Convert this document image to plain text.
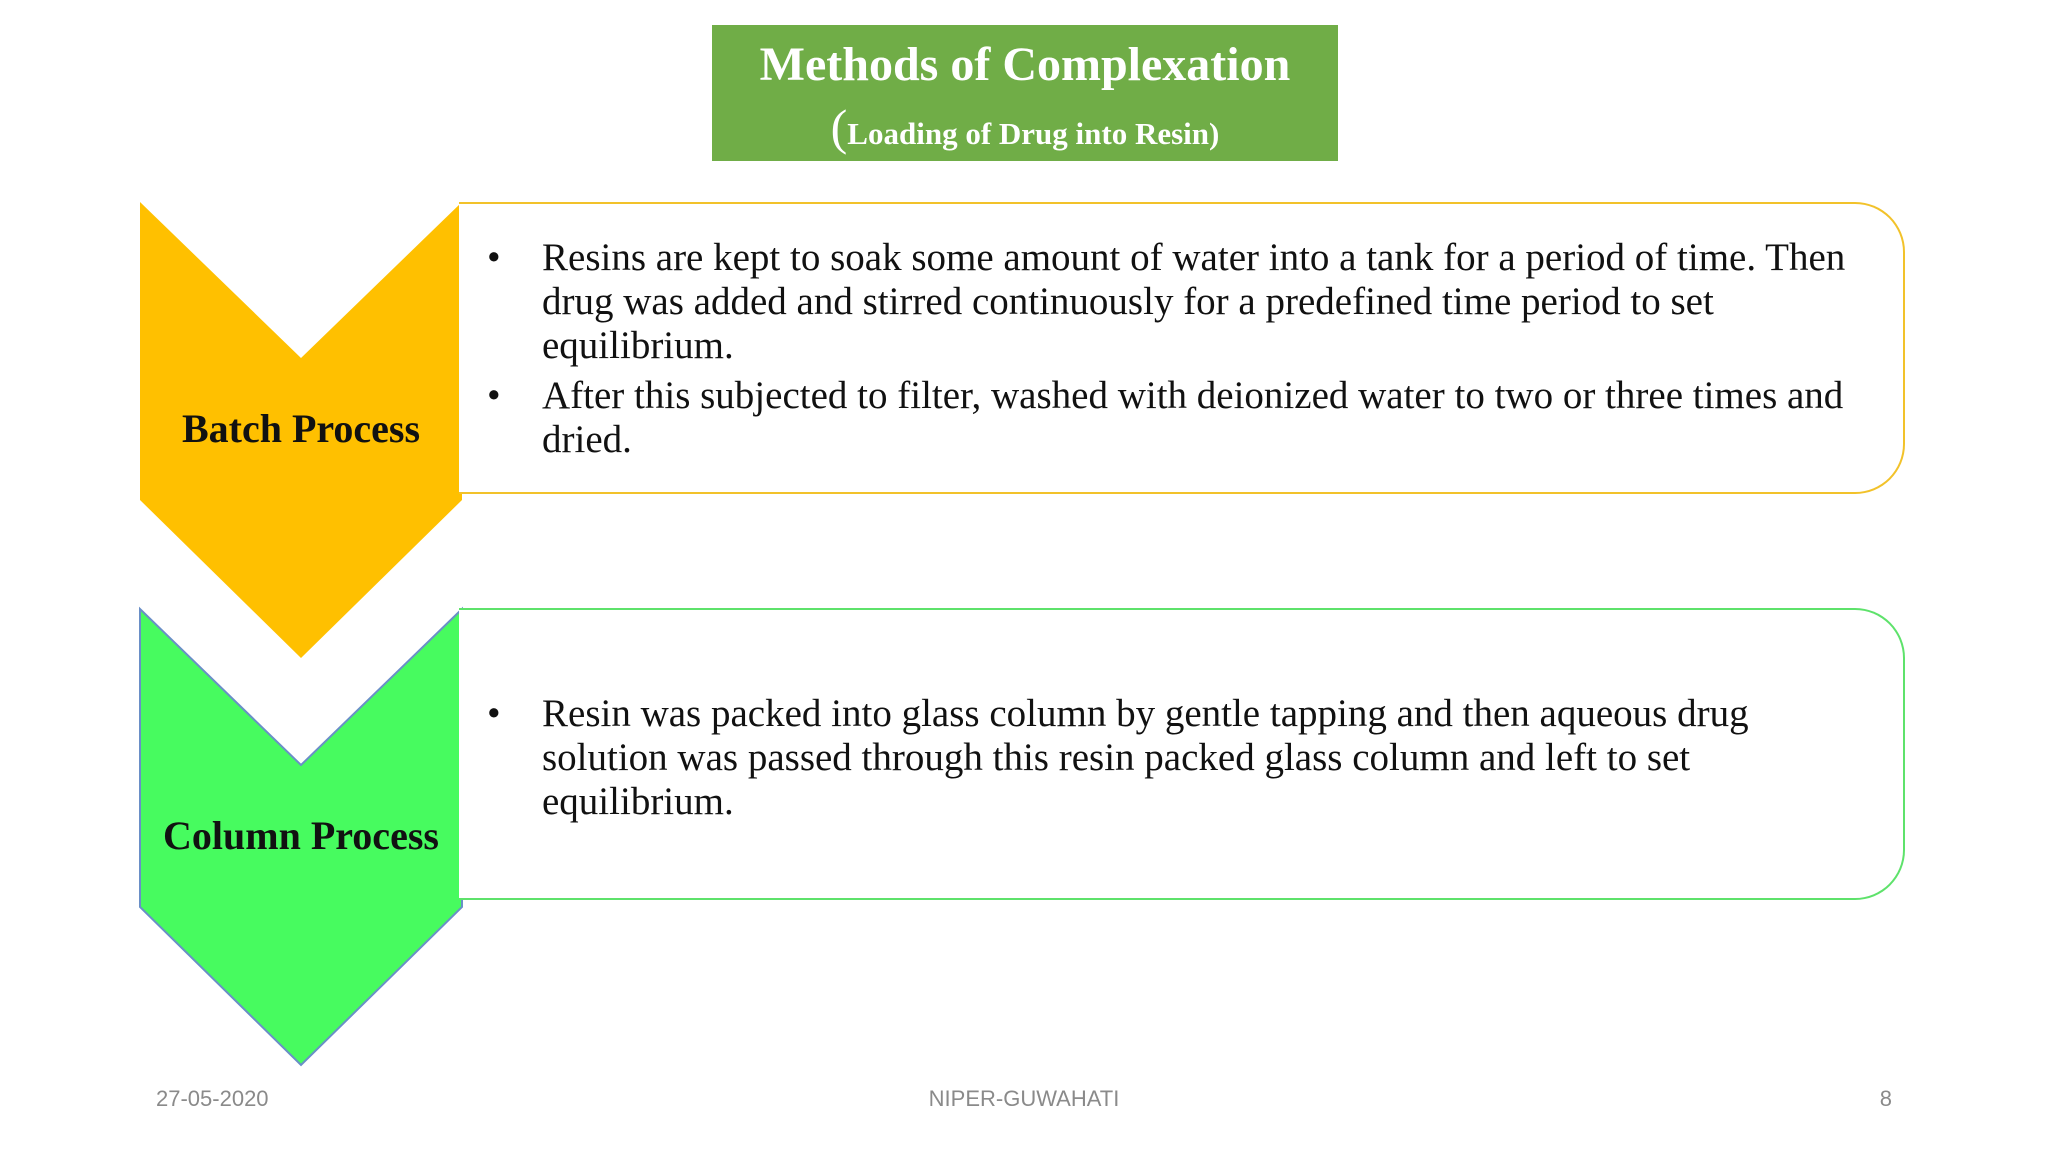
Methods of Complexation
(Loading of Drug into Resin)
Batch Process
Column Process
• Resins are kept to soak some amount of water into a tank for a period of time. Then drug was added and stirred continuously for a predefined time period to set equilibrium.
• After this subjected to filter, washed with deionized water to two or three times and dried.
• Resin was packed into glass column by gentle tapping and then aqueous drug solution was passed through this resin packed glass column and left to set equilibrium.
NIPER-GUWAHATI
27-05-2020	8
